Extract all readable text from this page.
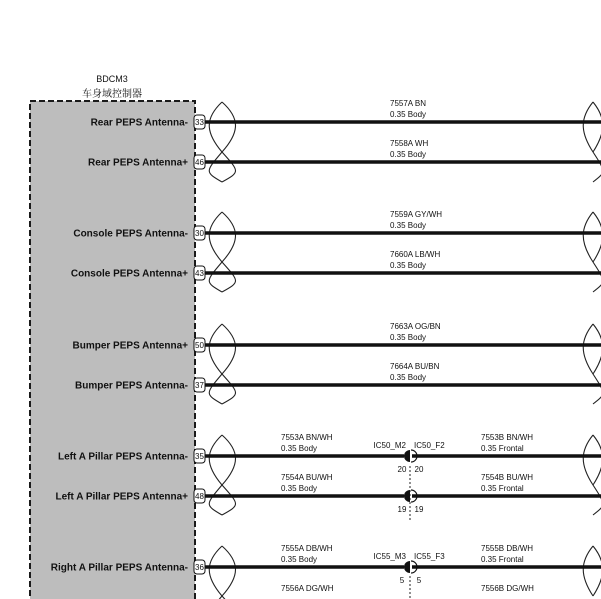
BDCM3
车身域控制器
IC50_M2 IC50_F2
IC55_M3 IC55_F3
7557A BN
0.35 Body
33
Rear PEPS Antenna-
7558A WH
0.35 Body
46
Rear PEPS Antenna+
7559A GY/WH
0.35 Body
30
Console PEPS Antenna-
7660A LB/WH
0.35 Body
43
Console PEPS Antenna+
7663A OG/BN
0.35 Body
50
Bumper PEPS Antenna+
7664A BU/BN
0.35 Body
37
Bumper PEPS Antenna-
20 20
7553A BN/WH
0.35 Body
7553B BN/WH
0.35 Frontal
35
Left A Pillar PEPS Antenna-
19 19
7554A BU/WH
0.35 Body
7554B BU/WH
0.35 Frontal
48
Left A Pillar PEPS Antenna+
5 5
7555A DB/WH
0.35 Body
7555B DB/WH
0.35 Frontal
36
Right A Pillar PEPS Antenna-
7556A DG/WH	7556B DG/WH
